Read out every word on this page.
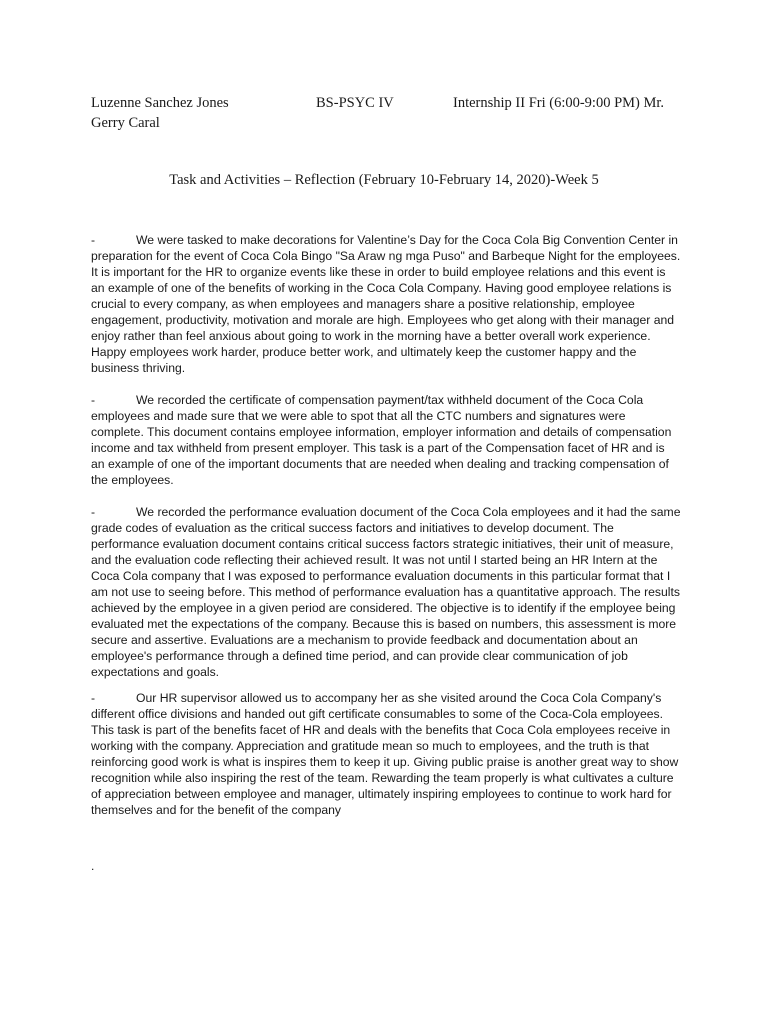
Luzenne Sanchez Jones	BS-PSYC IV	Internship II Fri (6:00-9:00 PM) Mr.
Gerry Caral
Task and Activities – Reflection (February 10-February 14, 2020)-Week 5
-	We were tasked to make decorations for Valentine’s Day for the Coca Cola Big Convention Center in preparation for the event of Coca Cola Bingo "Sa Araw ng mga Puso" and Barbeque Night for the employees. It is important for the HR to organize events like these in order to build employee relations and this event is an example of one of the benefits of working in the Coca Cola Company. Having good employee relations is crucial to every company, as when employees and managers share a positive relationship, employee engagement, productivity, motivation and morale are high. Employees who get along with their manager and enjoy rather than feel anxious about going to work in the morning have a better overall work experience. Happy employees work harder, produce better work, and ultimately keep the customer happy and the business thriving.
-	We recorded the certificate of compensation payment/tax withheld document of the Coca Cola employees and made sure that we were able to spot that all the CTC numbers and signatures were complete. This document contains employee information, employer information and details of compensation income and tax withheld from present employer. This task is a part of the Compensation facet of HR and is an example of one of the important documents that are needed when dealing and tracking compensation of the employees.
-	We recorded the performance evaluation document of the Coca Cola employees and it had the same grade codes of evaluation as the critical success factors and initiatives to develop document. The performance evaluation document contains critical success factors strategic initiatives, their unit of measure, and the evaluation code reflecting their achieved result. It was not until I started being an HR Intern at the Coca Cola company that I was exposed to performance evaluation documents in this particular format that I am not use to seeing before. This method of performance evaluation has a quantitative approach. The results achieved by the employee in a given period are considered. The objective is to identify if the employee being evaluated met the expectations of the company. Because this is based on numbers, this assessment is more secure and assertive. Evaluations are a mechanism to provide feedback and documentation about an employee's performance through a defined time period, and can provide clear communication of job expectations and goals.
-	Our HR supervisor allowed us to accompany her as she visited around the Coca Cola Company's different office divisions and handed out gift certificate consumables to some of the Coca-Cola employees. This task is part of the benefits facet of HR and deals with the benefits that Coca Cola employees receive in working with the company. Appreciation and gratitude mean so much to employees, and the truth is that reinforcing good work is what is inspires them to keep it up. Giving public praise is another great way to show recognition while also inspiring the rest of the team. Rewarding the team properly is what cultivates a culture of appreciation between employee and manager, ultimately inspiring employees to continue to work hard for themselves and for the benefit of the company
.
